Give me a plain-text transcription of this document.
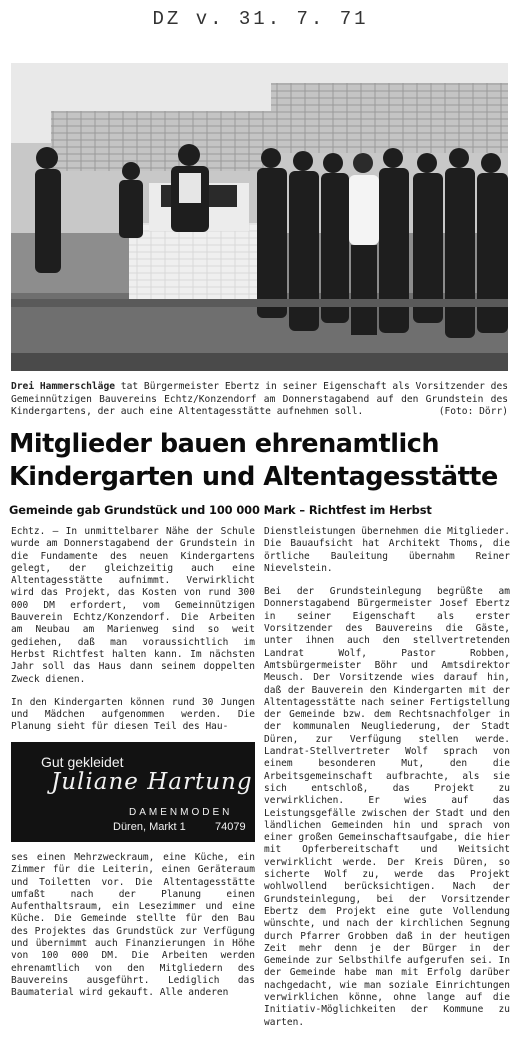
DZ v. 31. 7. 71
Drei Hammerschläge tat Bürgermeister Ebertz in seiner Eigenschaft als Vorsitzender des Gemeinnützigen Bauvereins Echtz/Konzendorf am Donnerstagabend auf den Grundstein des Kindergartens, der auch eine Altentagesstätte aufnehmen soll.	(Foto: Dörr)
Mitglieder bauen ehrenamtlich
Kindergarten und Altentagesstätte
Gemeinde gab Grundstück und 100 000 Mark – Richtfest im Herbst

Echtz. — In unmittelbarer Nähe der Schule wurde am Donnerstagabend der Grundstein in die Fundamente des neuen Kindergartens gelegt, der gleichzeitig auch eine Altentagesstätte aufnimmt. Verwirklicht wird das Projekt, das Kosten von rund 300 000 DM erfordert, vom Gemeinnützigen Bauverein Echtz/Konzendorf. Die Arbeiten am Neubau am Marienweg sind so weit gediehen, daß man voraussichtlich im Herbst Richtfest halten kann. Im nächsten Jahr soll das Haus dann seinem doppelten Zweck dienen.

In den Kindergarten können rund 30 Jungen und Mädchen aufgenommen werden. Die Planung sieht für diesen Teil des Hau-

Gut gekleidet
Juliane Hartung
DAMENMODEN
Düren, Markt 1	74079

ses einen Mehrzweckraum, eine Küche, ein Zimmer für die Leiterin, einen Geräteraum und Toiletten vor. Die Altentagesstätte umfaßt nach der Planung einen Aufenthaltsraum, ein Lesezimmer und eine Küche. Die Gemeinde stellte für den Bau des Projektes das Grundstück zur Verfügung und übernimmt auch Finanzierungen in Höhe von 100 000 DM. Die Arbeiten werden ehrenamtlich von den Mitgliedern des Bauvereins ausgeführt. Lediglich das Baumaterial wird gekauft. Alle anderen

Dienstleistungen übernehmen die Mitglieder. Die Bauaufsicht hat Architekt Thoms, die örtliche Bauleitung übernahm Reiner Nievelstein.

Bei der Grundsteinlegung begrüßte am Donnerstagabend Bürgermeister Josef Ebertz in seiner Eigenschaft als erster Vorsitzender des Bauvereins die Gäste, unter ihnen auch den stellvertretenden Landrat Wolf, Pastor Robben, Amtsbürgermeister Böhr und Amtsdirektor Meusch. Der Vorsitzende wies darauf hin, daß der Bauverein den Kindergarten mit der Altentagesstätte nach seiner Fertigstellung der Gemeinde bzw. dem Rechtsnachfolger in der kommunalen Neugliederung, der Stadt Düren, zur Verfügung stellen werde. Landrat-Stellvertreter Wolf sprach von einem besonderen Mut, den die Arbeitsgemeinschaft aufbrachte, als sie sich entschloß, das Projekt zu verwirklichen. Er wies auf das Leistungsgefälle zwischen der Stadt und den ländlichen Gemeinden hin und sprach von einer großen Gemeinschaftsaufgabe, die hier mit Opferbereitschaft und Weitsicht verwirklicht werde. Der Kreis Düren, so sicherte Wolf zu, werde das Projekt wohlwollend berücksichtigen. Nach der Grundsteinlegung, bei der Vorsitzender Ebertz dem Projekt eine gute Vollendung wünschte, und nach der kirchlichen Segnung durch Pfarrer Grobben daß in der heutigen Zeit mehr denn je der Bürger in der Gemeinde zur Selbsthilfe aufgerufen sei. In der Gemeinde habe man mit Erfolg darüber nachgedacht, wie man soziale Einrichtungen verwirklichen könne, ohne lange auf die Initiativ-Möglichkeiten der Kommune zu warten.
